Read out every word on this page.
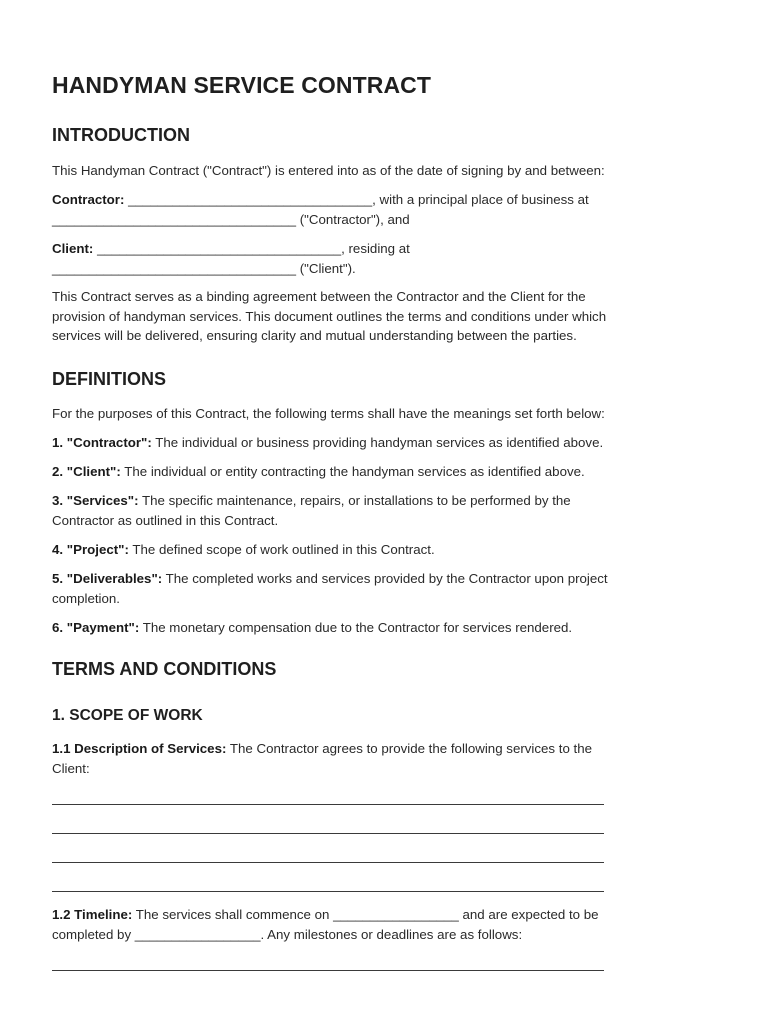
HANDYMAN SERVICE CONTRACT
INTRODUCTION

This Handyman Contract ("Contract") is entered into as of the date of signing by and between:

Contractor: _________________________________, with a principal place of business at
_________________________________ ("Contractor"), and

Client: _________________________________, residing at
_________________________________ ("Client").

This Contract serves as a binding agreement between the Contractor and the Client for the
provision of handyman services. This document outlines the terms and conditions under which
services will be delivered, ensuring clarity and mutual understanding between the parties.

DEFINITIONS

For the purposes of this Contract, the following terms shall have the meanings set forth below:

1. "Contractor": The individual or business providing handyman services as identified above.

2. "Client": The individual or entity contracting the handyman services as identified above.

3. "Services": The specific maintenance, repairs, or installations to be performed by the
Contractor as outlined in this Contract.

4. "Project": The defined scope of work outlined in this Contract.

5. "Deliverables": The completed works and services provided by the Contractor upon project
completion.

6. "Payment": The monetary compensation due to the Contractor for services rendered.

TERMS AND CONDITIONS
1. SCOPE OF WORK

1.1 Description of Services: The Contractor agrees to provide the following services to the
Client:

1.2 Timeline: The services shall commence on _________________ and are expected to be
completed by _________________. Any milestones or deadlines are as follows:
